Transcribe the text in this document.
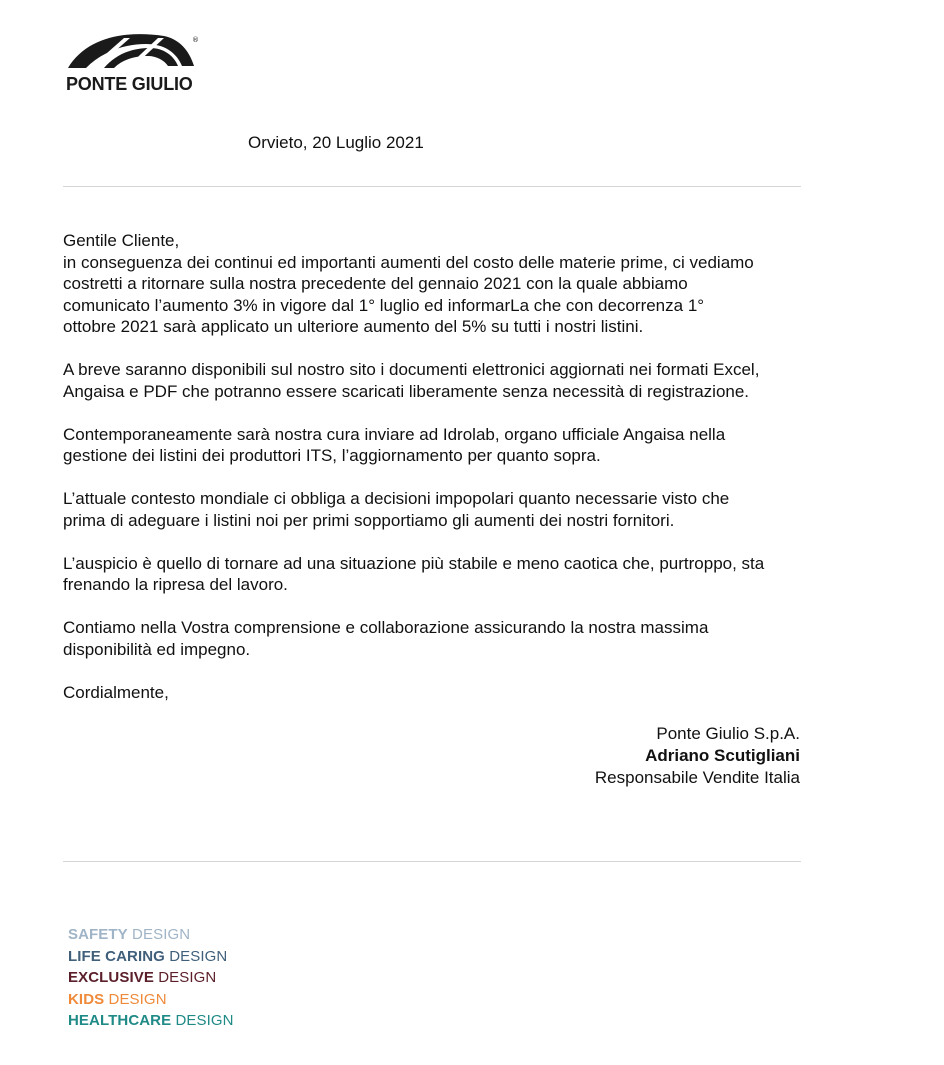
®
PONTE GIULIO
Orvieto, 20 Luglio 2021

Gentile Cliente,
in conseguenza dei continui ed importanti aumenti del costo delle materie prime, ci vediamo
costretti a ritornare sulla nostra precedente del gennaio 2021 con la quale abbiamo
comunicato l’aumento 3% in vigore dal 1° luglio ed informarLa che con decorrenza 1°
ottobre 2021 sarà applicato un ulteriore aumento del 5% su tutti i nostri listini.

A breve saranno disponibili sul nostro sito i documenti elettronici aggiornati nei formati Excel,
Angaisa e PDF che potranno essere scaricati liberamente senza necessità di registrazione.

Contemporaneamente sarà nostra cura inviare ad Idrolab, organo ufficiale Angaisa nella
gestione dei listini dei produttori ITS, l’aggiornamento per quanto sopra.

L’attuale contesto mondiale ci obbliga a decisioni impopolari quanto necessarie visto che
prima di adeguare i listini noi per primi sopportiamo gli aumenti dei nostri fornitori.

L’auspicio è quello di tornare ad una situazione più stabile e meno caotica che, purtroppo, sta
frenando la ripresa del lavoro.

Contiamo nella Vostra comprensione e collaborazione assicurando la nostra massima
disponibilità ed impegno.

Cordialmente,

Ponte Giulio S.p.A.
Adriano Scutigliani
Responsabile Vendite Italia
SAFETY DESIGN
LIFE CARING DESIGN
EXCLUSIVE DESIGN
KIDS DESIGN
HEALTHCARE DESIGN
